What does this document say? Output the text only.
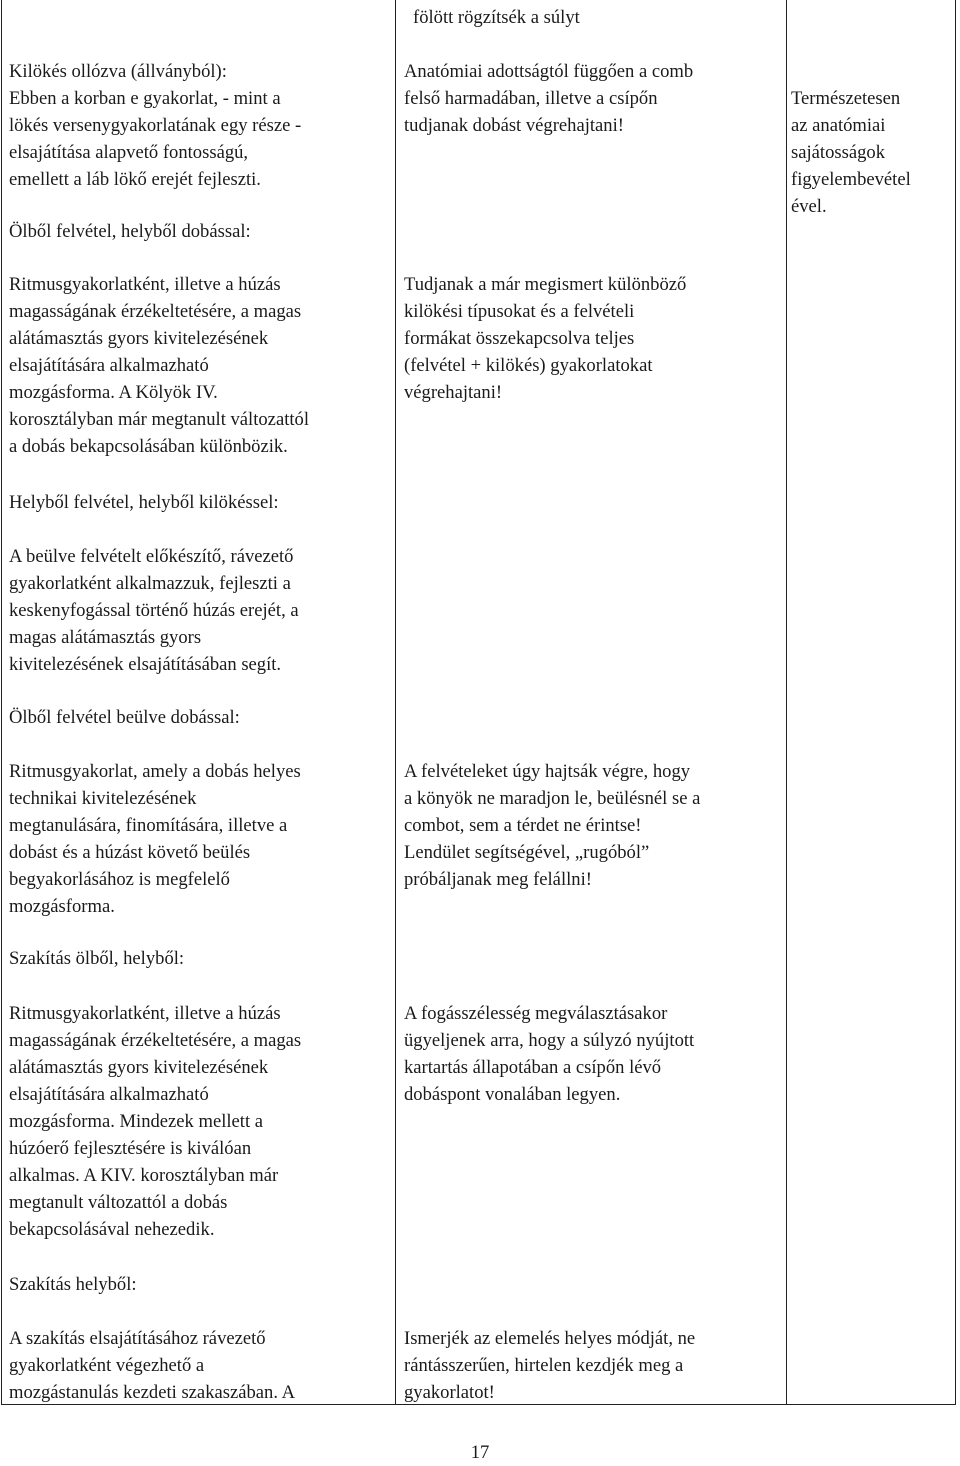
Kilökés ollózva (állványból):
Ebben a korban e gyakorlat, - mint a
lökés versenygyakorlatának egy része -
elsajátítása alapvető fontosságú,
emellett a láb lökő erejét fejleszti.
Ölből felvétel, helyből dobással:
Ritmusgyakorlatként, illetve a húzás
magasságának érzékeltetésére, a magas
alátámasztás gyors kivitelezésének
elsajátítására alkalmazható
mozgásforma. A Kölyök IV.
korosztályban már megtanult változattól
a dobás bekapcsolásában különbözik.
Helyből felvétel, helyből kilökéssel:
A beülve felvételt előkészítő, rávezető
gyakorlatként alkalmazzuk, fejleszti a
keskenyfogással történő húzás erejét, a
magas alátámasztás gyors
kivitelezésének elsajátításában segít.
Ölből felvétel beülve dobással:
Ritmusgyakorlat, amely a dobás helyes
technikai kivitelezésének
megtanulására, finomítására, illetve a
dobást és a húzást követő beülés
begyakorlásához is megfelelő
mozgásforma.
Szakítás ölből, helyből:
Ritmusgyakorlatként, illetve a húzás
magasságának érzékeltetésére, a magas
alátámasztás gyors kivitelezésének
elsajátítására alkalmazható
mozgásforma. Mindezek mellett a
húzóerő fejlesztésére is kiválóan
alkalmas. A KIV. korosztályban már
megtanult változattól a dobás
bekapcsolásával nehezedik.
Szakítás helyből:
A szakítás elsajátításához rávezető
gyakorlatként végezhető a
mozgástanulás kezdeti szakaszában. A
fölött rögzítsék a súlyt
Anatómiai adottságtól függően a comb
felső harmadában, illetve a csípőn
tudjanak dobást végrehajtani!
Tudjanak a már megismert különböző
kilökési típusokat és a felvételi
formákat összekapcsolva teljes
(felvétel + kilökés) gyakorlatokat
végrehajtani!
A felvételeket úgy hajtsák végre, hogy
a könyök ne maradjon le, beülésnél se a
combot, sem a térdet ne érintse!
Lendület segítségével, „rugóból”
próbáljanak meg felállni!
A fogásszélesség megválasztásakor
ügyeljenek arra, hogy a súlyzó nyújtott
kartartás állapotában a csípőn lévő
dobáspont vonalában legyen.
Ismerjék az elemelés helyes módját, ne
rántásszerűen, hirtelen kezdjék meg a
gyakorlatot!
Természetesen
az anatómiai
sajátosságok
figyelembevétel
ével.
17
